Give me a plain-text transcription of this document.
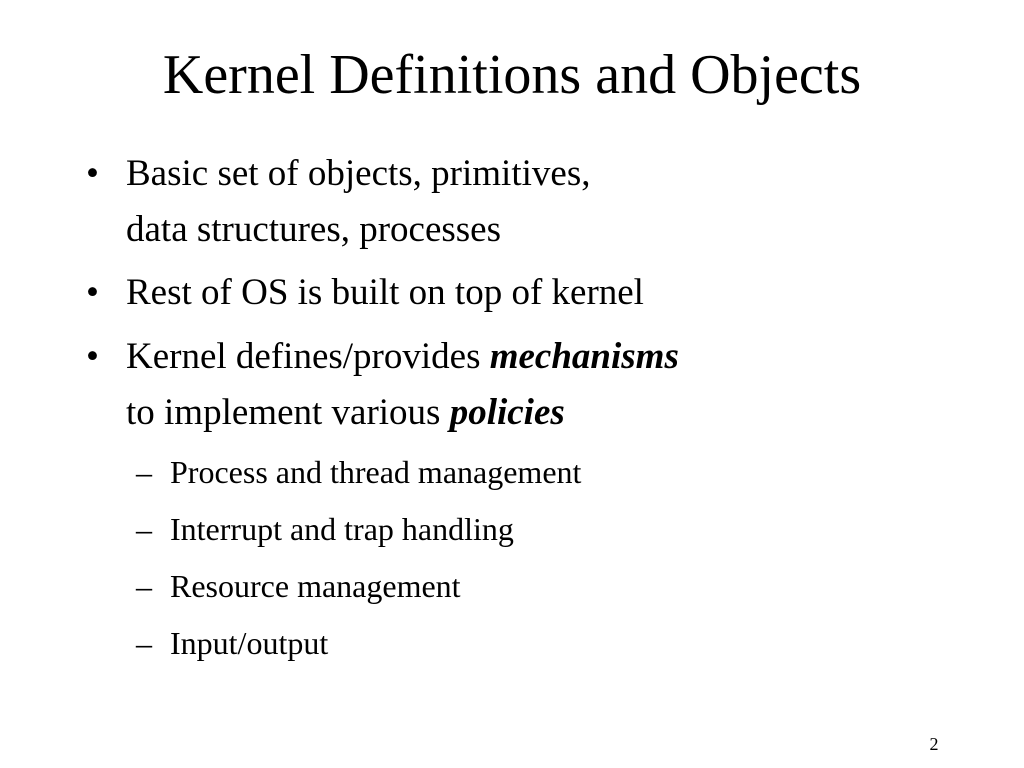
Kernel Definitions and Objects
• Basic set of objects, primitives,
data structures, processes
• Rest of OS is built on top of kernel
• Kernel defines/provides mechanisms
to implement various policies
– Process and thread management
– Interrupt and trap handling
– Resource management
– Input/output
2
